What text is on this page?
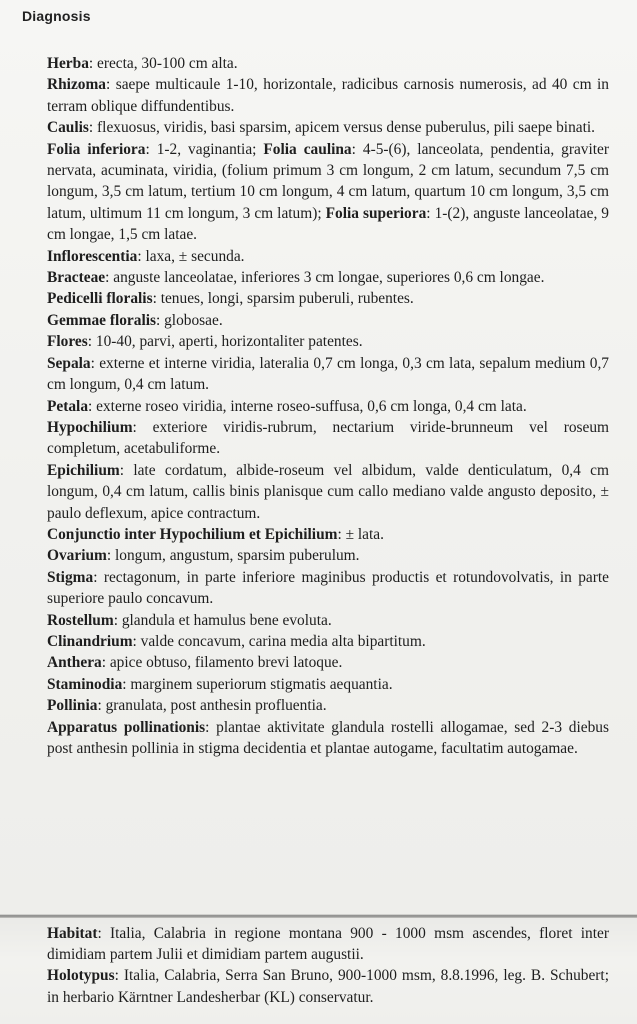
Diagnosis

Herba: erecta, 30-100 cm alta.

Rhizoma: saepe multicaule 1-10, horizontale, radicibus carnosis numerosis, ad 40 cm in terram oblique diffundentibus.

Caulis: flexuosus, viridis, basi sparsim, apicem versus dense puberulus, pili saepe binati.

Folia inferiora: 1-2, vaginantia; Folia caulina: 4-5-(6), lanceolata, pendentia, graviter nervata, acuminata, viridia, (folium primum 3 cm longum, 2 cm latum, secundum 7,5 cm longum, 3,5 cm latum, tertium 10 cm longum, 4 cm latum, quartum 10 cm longum, 3,5 cm latum, ultimum 11 cm longum, 3 cm latum); Folia superiora: 1-(2), anguste lanceolatae, 9 cm longae, 1,5 cm latae.

Inflorescentia: laxa, ± secunda.

Bracteae: anguste lanceolatae, inferiores 3 cm longae, superiores 0,6 cm longae.

Pedicelli floralis: tenues, longi, sparsim puberuli, rubentes.

Gemmae floralis: globosae.

Flores: 10-40, parvi, aperti, horizontaliter patentes.

Sepala: externe et interne viridia, lateralia 0,7 cm longa, 0,3 cm lata, sepalum medium 0,7 cm longum, 0,4 cm latum.

Petala: externe roseo viridia, interne roseo-suffusa, 0,6 cm longa, 0,4 cm lata.

Hypochilium: exteriore viridis-rubrum, nectarium viride-brunneum vel roseum completum, acetabuliforme.

Epichilium: late cordatum, albide-roseum vel albidum, valde denticulatum, 0,4 cm longum, 0,4 cm latum, callis binis planisque cum callo mediano valde angusto deposito, ± paulo deflexum, apice contractum.

Conjunctio inter Hypochilium et Epichilium: ± lata.

Ovarium: longum, angustum, sparsim puberulum.

Stigma: rectagonum, in parte inferiore maginibus productis et rotundovolvatis, in parte superiore paulo concavum.

Rostellum: glandula et hamulus bene evoluta.

Clinandrium: valde concavum, carina media alta bipartitum.

Anthera: apice obtuso, filamento brevi latoque.

Staminodia: marginem superiorum stigmatis aequantia.

Pollinia: granulata, post anthesin profluentia.

Apparatus pollinationis: plantae aktivitate glandula rostelli allogamae, sed 2-3 diebus post anthesin pollinia in stigma decidentia et plantae autogame, facultatim autogamae.

Habitat: Italia, Calabria in regione montana 900 - 1000 msm ascendes, floret inter dimidiam partem Julii et dimidiam partem augustii.

Holotypus: Italia, Calabria, Serra San Bruno, 900-1000 msm, 8.8.1996, leg. B. Schubert; in herbario Kärntner Landesherbar (KL) conservatur.
